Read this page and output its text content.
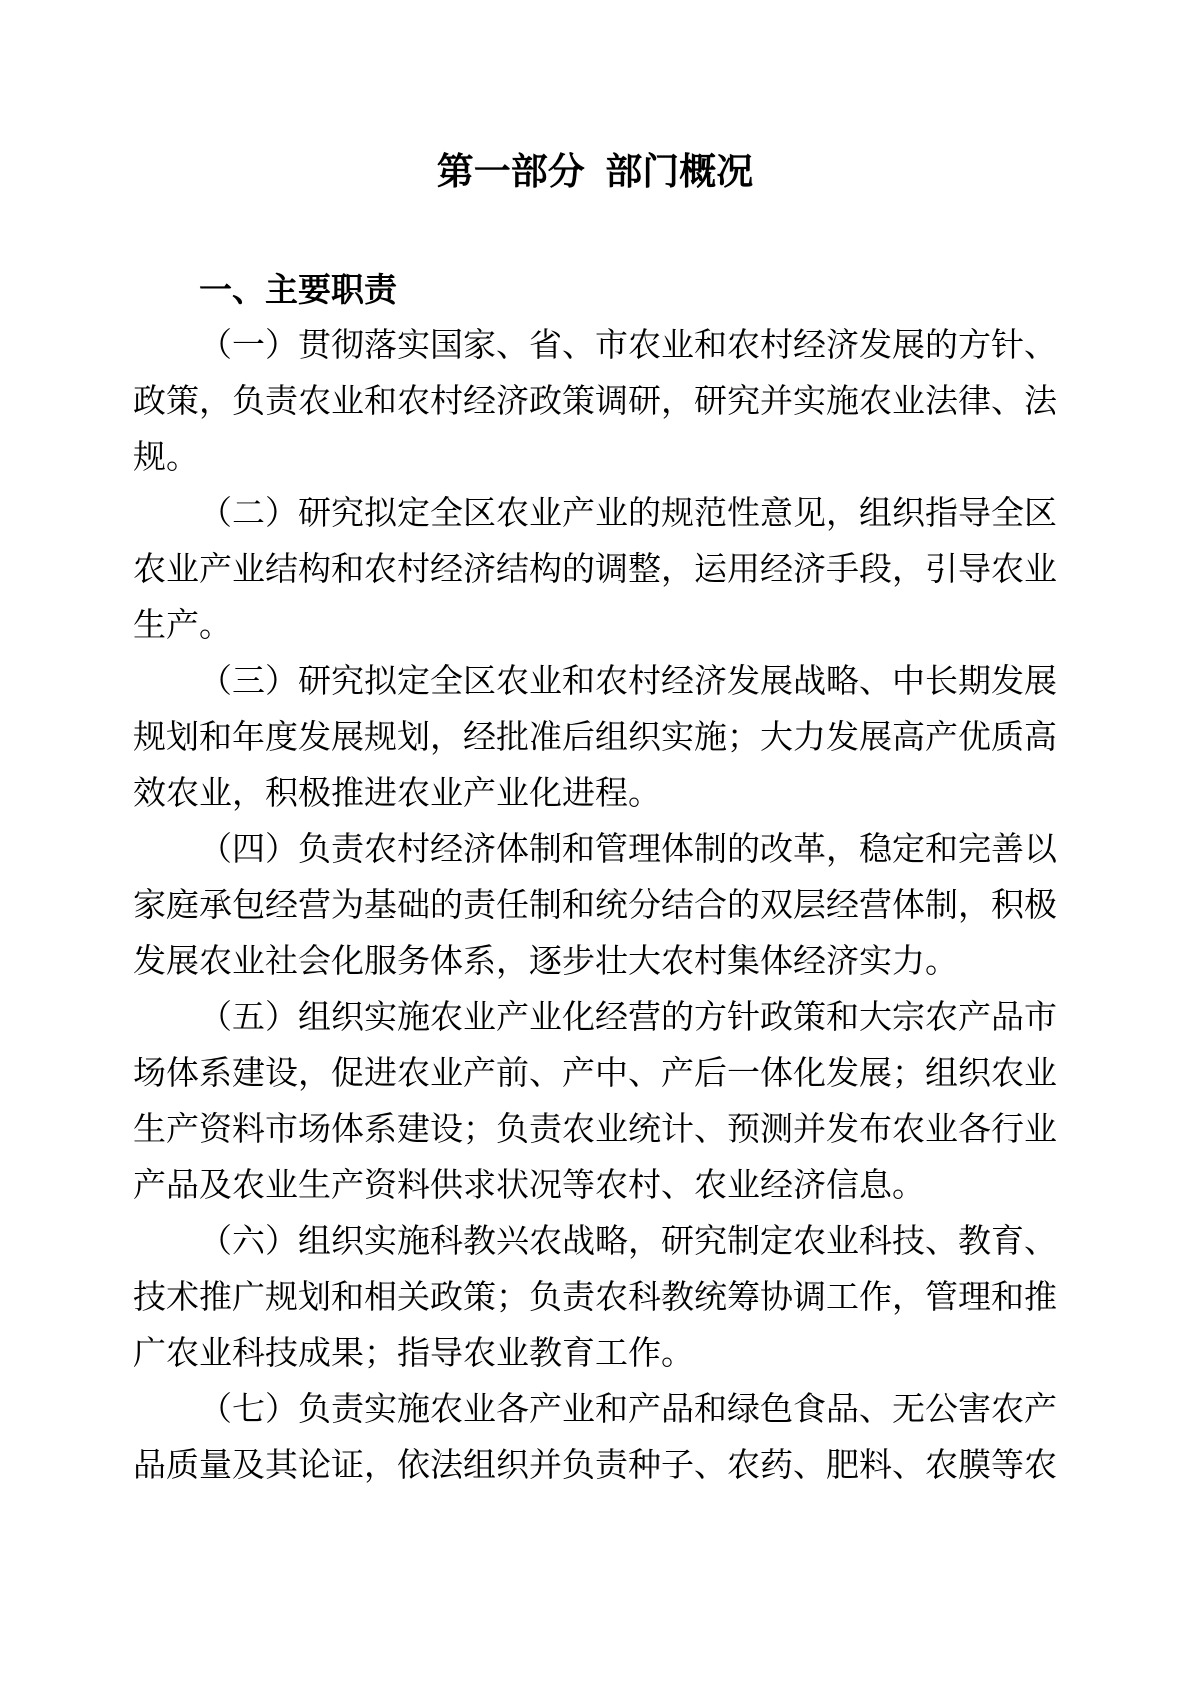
第一部分  部门概况
一、主要职责

（一）贯彻落实国家、省、市农业和农村经济发展的方针、政策，负责农业和农村经济政策调研，研究并实施农业法律、法规。

（二）研究拟定全区农业产业的规范性意见，组织指导全区农业产业结构和农村经济结构的调整，运用经济手段，引导农业生产。

（三）研究拟定全区农业和农村经济发展战略、中长期发展规划和年度发展规划，经批准后组织实施；大力发展高产优质高效农业，积极推进农业产业化进程。

（四）负责农村经济体制和管理体制的改革，稳定和完善以家庭承包经营为基础的责任制和统分结合的双层经营体制，积极发展农业社会化服务体系，逐步壮大农村集体经济实力。

（五）组织实施农业产业化经营的方针政策和大宗农产品市场体系建设，促进农业产前、产中、产后一体化发展；组织农业生产资料市场体系建设；负责农业统计、预测并发布农业各行业产品及农业生产资料供求状况等农村、农业经济信息。

（六）组织实施科教兴农战略，研究制定农业科技、教育、技术推广规划和相关政策；负责农科教统筹协调工作，管理和推广农业科技成果；指导农业教育工作。

（七）负责实施农业各产业和产品和绿色食品、无公害农产品质量及其论证，依法组织并负责种子、农药、肥料、农膜等农
